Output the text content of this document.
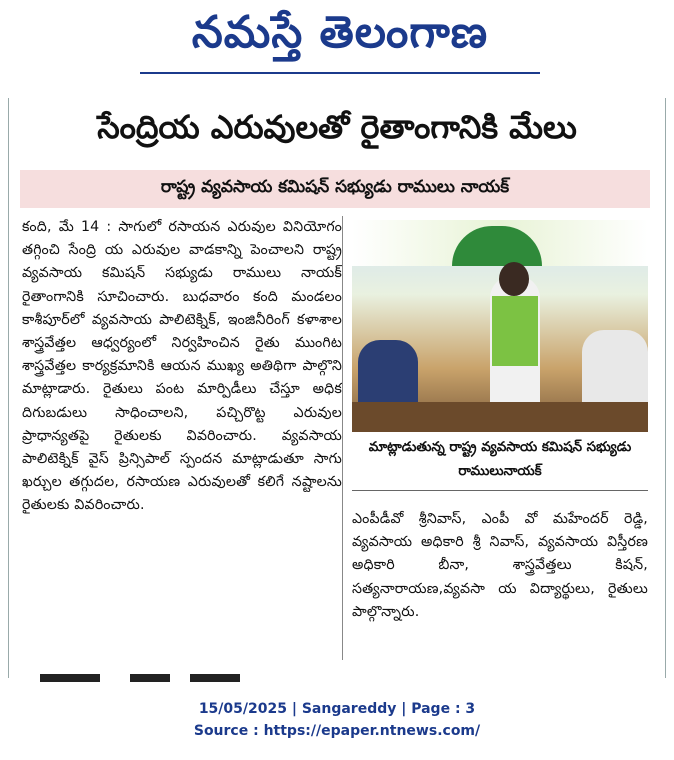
నమస్తే తెలంగాణ
సేంద్రియ ఎరువులతో రైతాంగానికి మేలు
రాష్ట్ర వ్యవసాయ కమిషన్ సభ్యుడు రాములు నాయక్

కంది, మే 14 : సాగులో రసాయన ఎరువుల వినియోగం తగ్గించి సేంద్రి య ఎరువుల వాడకాన్ని పెంచాలని రాష్ట్ర వ్యవసాయ కమిషన్ సభ్యుడు రాములు నాయక్ రైతాంగానికి సూచించారు. బుధవారం కంది మండలం కాశీపూర్‌లో వ్యవసాయ పాలిటెక్నిక్, ఇంజినీరింగ్ కళాశాల శాస్త్రవేత్తల ఆధ్వర్యంలో నిర్వహించిన రైతు ముంగిట శాస్త్రవేత్తల కార్యక్రమానికి ఆయన ముఖ్య అతిథిగా పాల్గొని మాట్లాడారు. రైతులు పంట మార్పిడీలు చేస్తూ అధిక దిగుబడులు సాధించాలని, పచ్చిరొట్ట ఎరువుల ప్రాధాన్యతపై రైతులకు వివరించారు. వ్యవసాయ పాలిటెక్నిక్ వైస్ ప్రిన్సిపాల్ స్పందన మాట్లాడుతూ సాగు ఖర్చుల తగ్గుదల, రసాయణ ఎరువులతో కలిగే నష్టాలను రైతులకు వివరించారు.

మాట్లాడుతున్న రాష్ట్ర వ్యవసాయ కమిషన్ సభ్యుడు రాములునాయక్

ఎంపీడీవో శ్రీనివాస్, ఎంపీ వో మహేందర్ రెడ్డి, వ్యవసాయ అధికారి శ్రీ నివాస్, వ్యవసాయ విస్తీరణ అధికారి బీనా, శాస్త్రవేత్తలు కిషన్, సత్యనారాయణ,వ్యవసా య విద్యార్థులు, రైతులు పాల్గొన్నారు.

15/05/2025 | Sangareddy | Page : 3
Source : https://epaper.ntnews.com/
